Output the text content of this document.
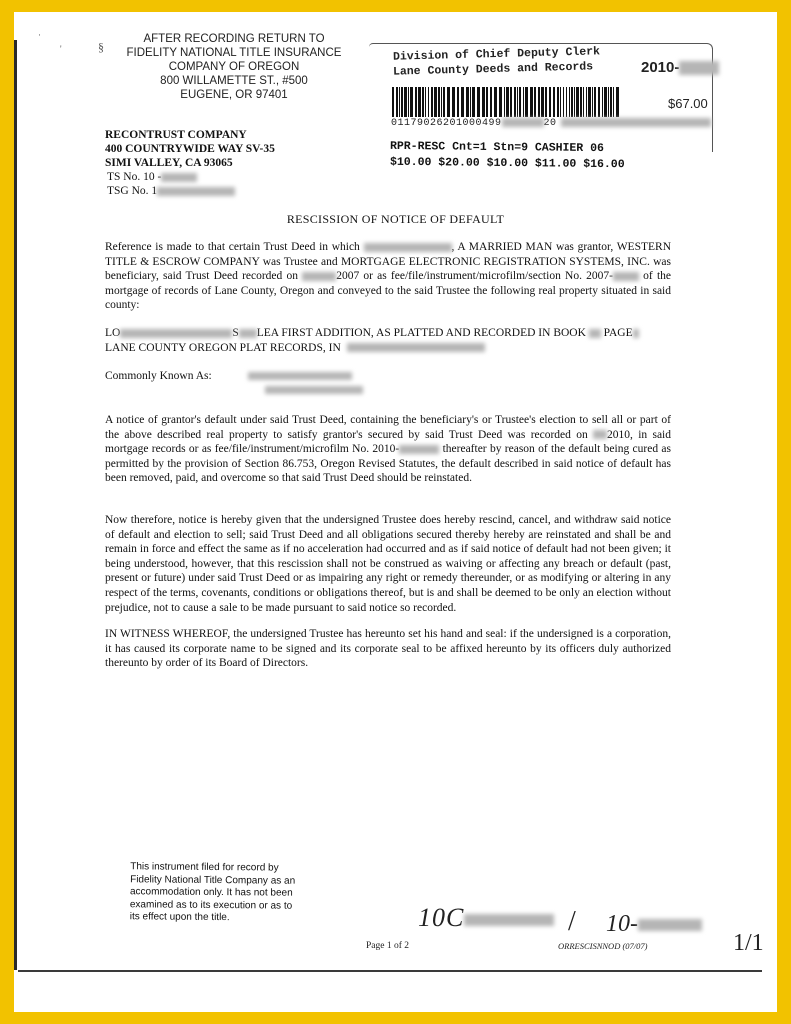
·
'	§
AFTER RECORDING RETURN TO
FIDELITY NATIONAL TITLE INSURANCE
COMPANY OF OREGON
800 WILLAMETTE ST., #500
EUGENE, OR 97401
RECONTRUST COMPANY
400 COUNTRYWIDE WAY SV-35
SIMI VALLEY, CA 93065
TS No. 10 -
TSG No. 1
Division of Chief Deputy Clerk
Lane County Deeds and Records	2010-
$67.00
01179026201000499	20
RPR-RESC Cnt=1 Stn=9 CASHIER 06
$10.00 $20.00 $10.00 $11.00 $16.00
RESCISSION OF NOTICE OF DEFAULT
Reference is made to that certain Trust Deed in which	, A MARRIED MAN was grantor, WESTERN TITLE & ESCROW COMPANY was Trustee and MORTGAGE ELECTRONIC REGISTRATION SYSTEMS, INC. was beneficiary, said Trust Deed recorded on	2007 or as fee/file/instrument/microfilm/section No. 2007-	of the mortgage of records of Lane County, Oregon and conveyed to the said Trustee the following real property situated in said county:
LO	S LEA FIRST ADDITION, AS PLATTED AND RECORDED IN BOOK PAGE
LANE COUNTY OREGON PLAT RECORDS, IN
Commonly Known As:
A notice of grantor's default under said Trust Deed, containing the beneficiary's or Trustee's election to sell all or part of the above described real property to satisfy grantor's secured by said Trust Deed was recorded on 2010, in said mortgage records or as fee/file/instrument/microfilm No. 2010-	thereafter by reason of the default being cured as permitted by the provision of Section 86.753, Oregon Revised Statutes, the default described in said notice of default has been removed, paid, and overcome so that said Trust Deed should be reinstated.
Now therefore, notice is hereby given that the undersigned Trustee does hereby rescind, cancel, and withdraw said notice of default and election to sell; said Trust Deed and all obligations secured thereby hereby are reinstated and shall be and remain in force and effect the same as if no acceleration had occurred and as if said notice of default had not been given; it being understood, however, that this rescission shall not be construed as waiving or affecting any breach or default (past, present or future) under said Trust Deed or as impairing any right or remedy thereunder, or as modifying or altering in any respect of the terms, covenants, conditions or obligations thereof, but is and shall be deemed to be only an election without prejudice, not to cause a sale to be made pursuant to said notice so recorded.
IN WITNESS WHEREOF, the undersigned Trustee has hereunto set his hand and seal: if the undersigned is a corporation, it has caused its corporate name to be signed and its corporate seal to be affixed hereunto by its officers duly authorized thereunto by order of its Board of Directors.
This instrument filed for record by Fidelity National Title Company as an accommodation only. It has not been examined as to its execution or as to its effect upon the title.	10C	/ 10-
1/1
Page 1 of 2	ORRESCISNNOD (07/07)
